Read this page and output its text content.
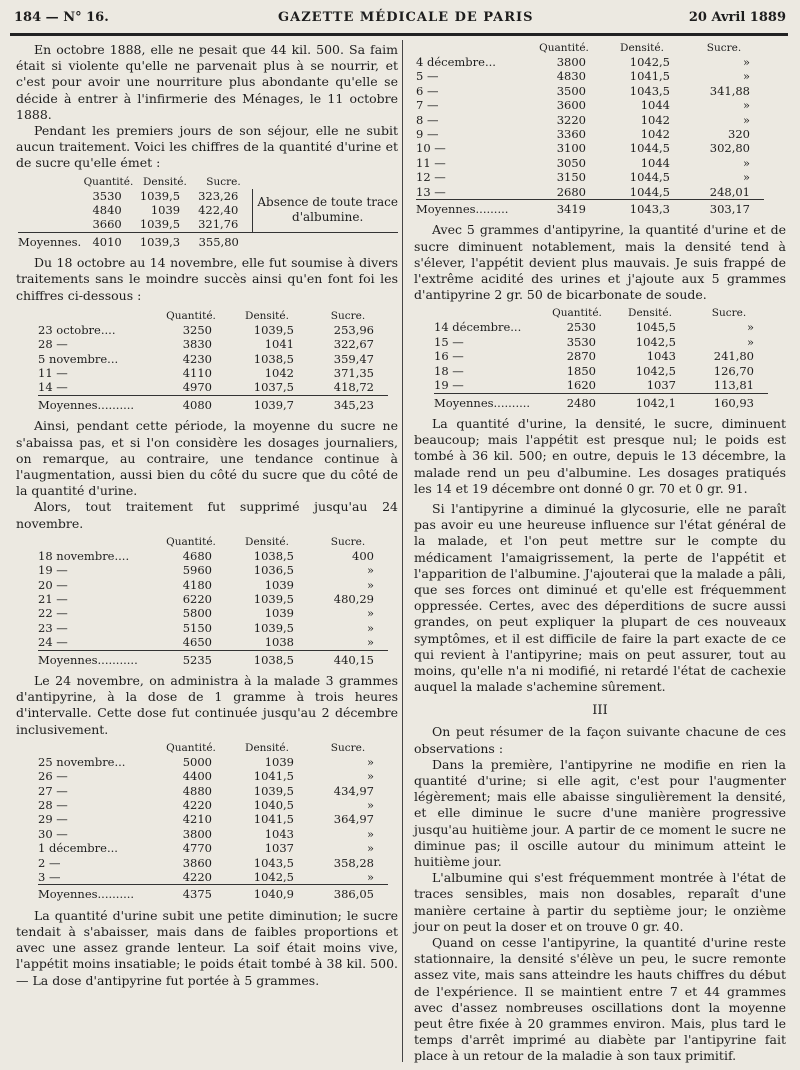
184 — N° 16.	GAZETTE MÉDICALE DE PARIS	20 Avril 1889

En octobre 1888, elle ne pesait que 44 kil. 500. Sa faim était si violente qu'elle ne parvenait plus à se nourrir, et c'est pour avoir une nourriture plus abondante qu'elle se décide à entrer à l'infirmerie des Ménages, le 11 octobre 1888.

Pendant les premiers jours de son séjour, elle ne subit aucun traitement. Voici les chiffres de la quantité d'urine et de sucre qu'elle émet :

	Quantité.	Densité.	Sucre.	
	3530	1039,5	323,26	Absence de toute trace
d'albumine.

	4840	1039	422,40	
	3660	1039,5	321,76	
Moyennes.	4010	1039,3	355,80	

Du 18 octobre au 14 novembre, elle fut soumise à divers traitements sans le moindre succès ainsi qu'en font foi les chiffres ci-dessous :

	Quantité.	Densité.	Sucre.
23 octobre....	3250	1039,5	253,96
28 —	3830	1041	322,67
5 novembre...	4230	1038,5	359,47
11 —	4110	1042	371,35
14 —	4970	1037,5	418,72
Moyennes..........	4080	1039,7	345,23

Ainsi, pendant cette période, la moyenne du sucre ne s'abaissa pas, et si l'on considère les dosages journaliers, on remarque, au contraire, une tendance continue à l'augmentation, aussi bien du côté du sucre que du côté de la quantité d'urine.

Alors, tout traitement fut supprimé jusqu'au 24 novembre.

	Quantité.	Densité.	Sucre.
18 novembre....	4680	1038,5	400
19 —	5960	1036,5	»
20 —	4180	1039	»
21 —	6220	1039,5	480,29
22 —	5800	1039	»
23 —	5150	1039,5	»
24 —	4650	1038	»
Moyennes...........	5235	1038,5	440,15

Le 24 novembre, on administra à la malade 3 grammes d'antipyrine, à la dose de 1 gramme à trois heures d'intervalle. Cette dose fut continuée jusqu'au 2 décembre inclusivement.

	Quantité.	Densité.	Sucre.
25 novembre...	5000	1039	»
26 —	4400	1041,5	»
27 —	4880	1039,5	434,97
28 —	4220	1040,5	»
29 —	4210	1041,5	364,97
30 —	3800	1043	»
1 décembre...	4770	1037	»
2 —	3860	1043,5	358,28
3 —	4220	1042,5	»
Moyennes..........	4375	1040,9	386,05

La quantité d'urine subit une petite diminution; le sucre tendait à s'abaisser, mais dans de faibles proportions et avec une assez grande lenteur. La soif était moins vive, l'appétit moins insatiable; le poids était tombé à 38 kil. 500. — La dose d'antipyrine fut portée à 5 grammes.

	Quantité.	Densité.	Sucre.
4 décembre...	3800	1042,5	»
5 —	4830	1041,5	»
6 —	3500	1043,5	341,88
7 —	3600	1044	»
8 —	3220	1042	»
9 —	3360	1042	320
10 —	3100	1044,5	302,80
11 —	3050	1044	»
12 —	3150	1044,5	»
13 —	2680	1044,5	248,01
Moyennes.........	3419	1043,3	303,17

Avec 5 grammes d'antipyrine, la quantité d'urine et de sucre diminuent notablement, mais la densité tend à s'élever, l'appétit devient plus mauvais. Je suis frappé de l'extrême acidité des urines et j'ajoute aux 5 grammes d'antipyrine 2 gr. 50 de bicarbonate de soude.

	Quantité.	Densité.	Sucre.
14 décembre...	2530	1045,5	»
15 —	3530	1042,5	»
16 —	2870	1043	241,80
18 —	1850	1042,5	126,70
19 —	1620	1037	113,81
Moyennes..........	2480	1042,1	160,93

La quantité d'urine, la densité, le sucre, diminuent beaucoup; mais l'appétit est presque nul; le poids est tombé à 36 kil. 500; en outre, depuis le 13 décembre, la malade rend un peu d'albumine. Les dosages pratiqués les 14 et 19 décembre ont donné 0 gr. 70 et 0 gr. 91.

Si l'antipyrine a diminué la glycosurie, elle ne paraît pas avoir eu une heureuse influence sur l'état général de la malade, et l'on peut mettre sur le compte du médicament l'amaigrissement, la perte de l'appétit et l'apparition de l'albumine. J'ajouterai que la malade a pâli, que ses forces ont diminué et qu'elle est fréquemment oppressée. Certes, avec des déperditions de sucre aussi grandes, on peut expliquer la plupart de ces nouveaux symptômes, et il est difficile de faire la part exacte de ce qui revient à l'antipyrine; mais on peut assurer, tout au moins, qu'elle n'a ni modifié, ni retardé l'état de cachexie auquel la malade s'achemine sûrement.

III

On peut résumer de la façon suivante chacune de ces observations :

Dans la première, l'antipyrine ne modifie en rien la quantité d'urine; si elle agit, c'est pour l'augmenter légèrement; mais elle abaisse singulièrement la densité, et elle diminue le sucre d'une manière progressive jusqu'au huitième jour. A partir de ce moment le sucre ne diminue pas; il oscille autour du minimum atteint le huitième jour.

L'albumine qui s'est fréquemment montrée à l'état de traces sensibles, mais non dosables, reparaît d'une manière certaine à partir du septième jour; le onzième jour on peut la doser et on trouve 0 gr. 40.

Quand on cesse l'antipyrine, la quantité d'urine reste stationnaire, la densité s'élève un peu, le sucre remonte assez vite, mais sans atteindre les hauts chiffres du début de l'expérience. Il se maintient entre 7 et 44 grammes avec d'assez nombreuses oscillations dont la moyenne peut être fixée à 20 grammes environ. Mais, plus tard le temps d'arrêt imprimé au diabète par l'antipyrine fait place à un retour de la maladie à son taux primitif.
